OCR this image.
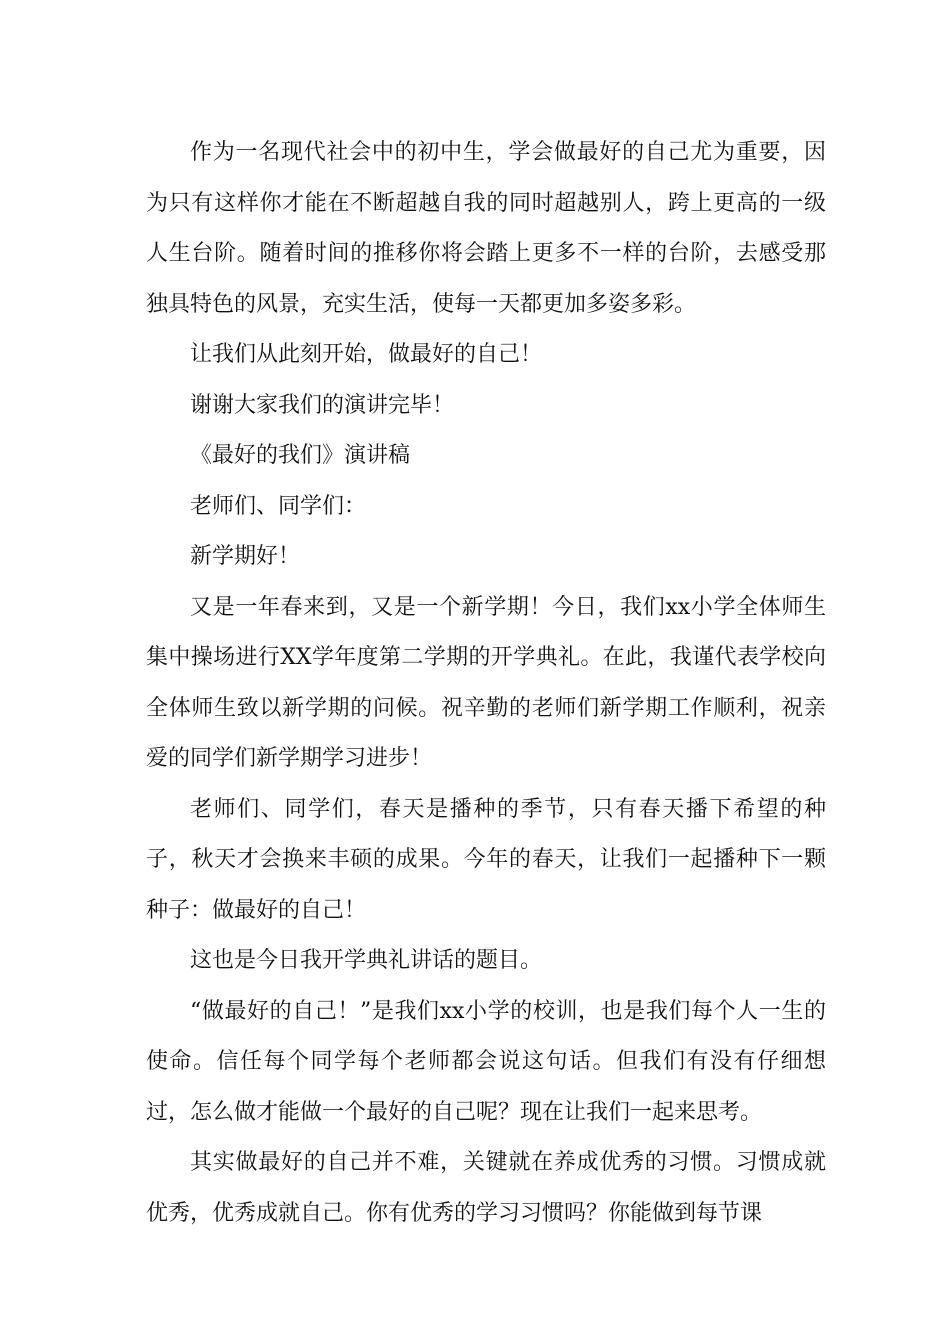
作为一名现代社会中的初中生，学会做最好的自己尤为重要，因为只有这样你才能在不断超越自我的同时超越别人，跨上更高的一级人生台阶。随着时间的推移你将会踏上更多不一样的台阶，去感受那独具特色的风景，充实生活，使每一天都更加多姿多彩。

让我们从此刻开始，做最好的自己！

谢谢大家我们的演讲完毕！

《最好的我们》演讲稿

老师们、同学们：

新学期好！

又是一年春来到，又是一个新学期！今日，我们xx小学全体师生集中操场进行XX学年度第二学期的开学典礼。在此，我谨代表学校向全体师生致以新学期的问候。祝辛勤的老师们新学期工作顺利，祝亲爱的同学们新学期学习进步！

老师们、同学们，春天是播种的季节，只有春天播下希望的种子，秋天才会换来丰硕的成果。今年的春天，让我们一起播种下一颗种子：做最好的自己！

这也是今日我开学典礼讲话的题目。

“做最好的自己！”是我们xx小学的校训，也是我们每个人一生的使命。信任每个同学每个老师都会说这句话。但我们有没有仔细想过，怎么做才能做一个最好的自己呢？现在让我们一起来思考。

其实做最好的自己并不难，关键就在养成优秀的习惯。习惯成就优秀，优秀成就自己。你有优秀的学习习惯吗？你能做到每节课
